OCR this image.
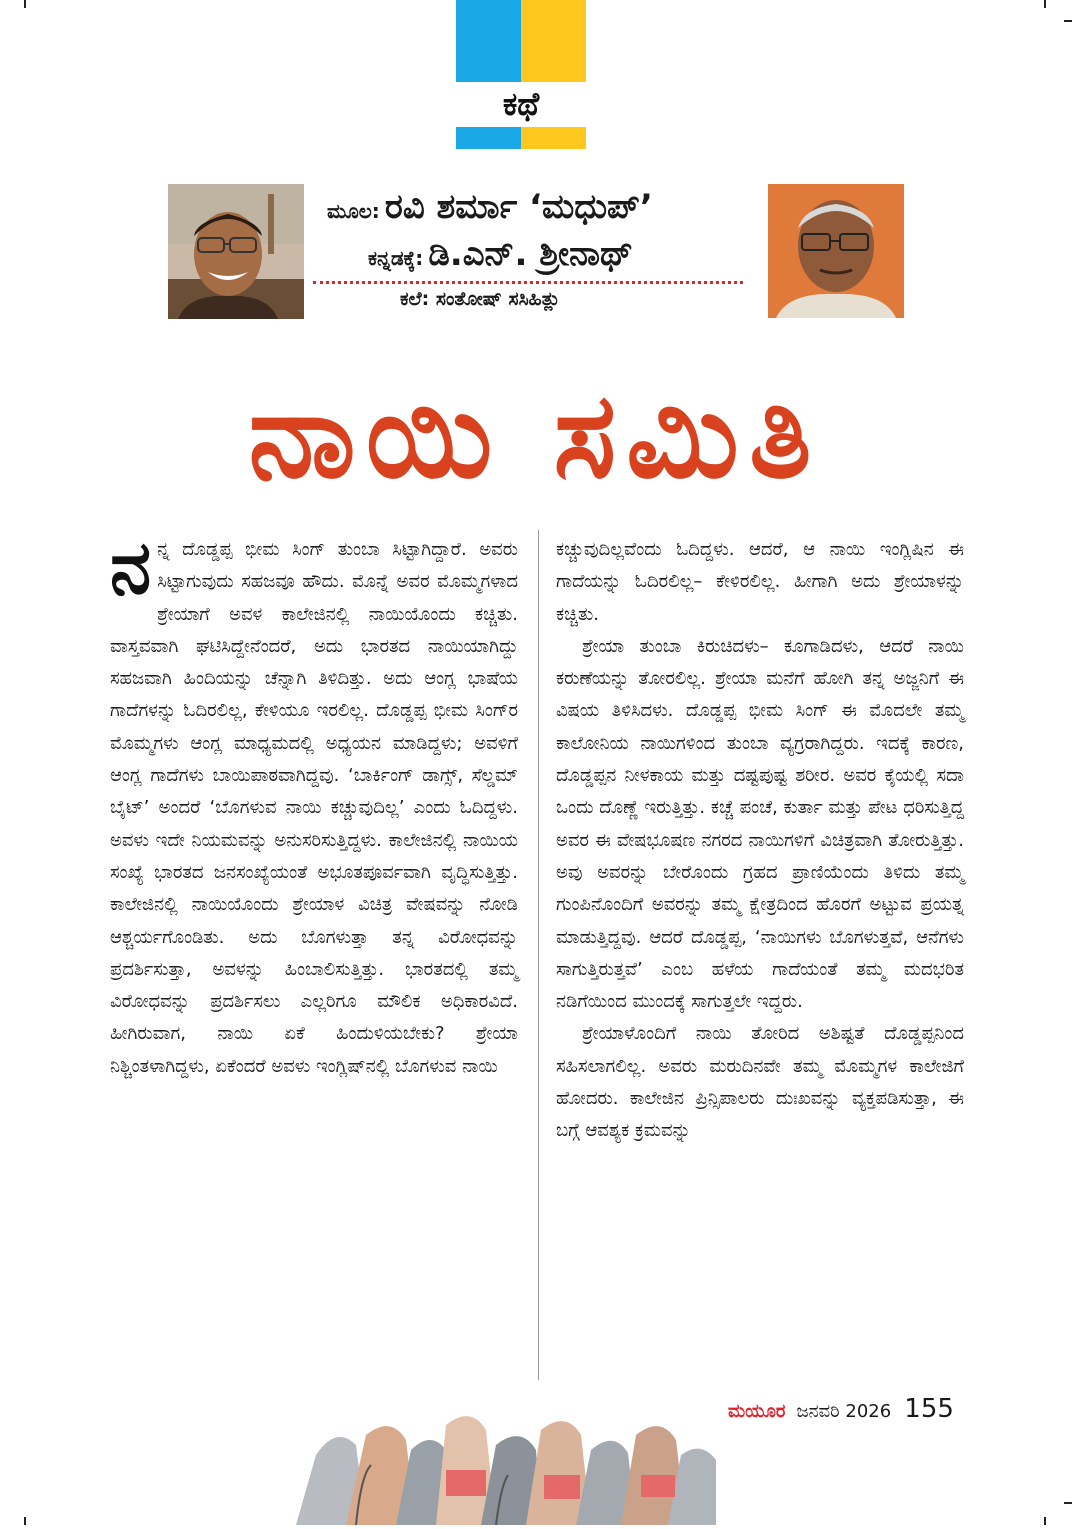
ಕಥೆ
ಮೂಲ: ರವಿ ಶರ್ಮಾ ‘ಮಧುಪ್’
ಕನ್ನಡಕ್ಕೆ: ಡಿ.ಎನ್. ಶ್ರೀನಾಥ್
ಕಲೆ: ಸಂತೋಷ್ ಸಸಿಹಿತ್ಲು
ನಾಯಿ ಸಮಿತಿ
ನ ನ್ನ ದೊಡ್ಡಪ್ಪ ಭೀಮ ಸಿಂಗ್ ತುಂಬಾ ಸಿಟ್ಟಾಗಿದ್ದಾರೆ. ಅವರು ಸಿಟ್ಟಾಗುವುದು ಸಹಜವೂ ಹೌದು. ಮೊನ್ನೆ ಅವರ ಮೊಮ್ಮಗಳಾದ ಶ್ರೇಯಾಗೆ ಅವಳ ಕಾಲೇಜಿನಲ್ಲಿ ನಾಯಿಯೊಂದು ಕಚ್ಚಿತು. ವಾಸ್ತವವಾಗಿ ಘಟಿಸಿದ್ದೇನೆಂದರೆ, ಅದು ಭಾರತದ ನಾಯಿಯಾಗಿದ್ದು ಸಹಜವಾಗಿ ಹಿಂದಿಯನ್ನು ಚೆನ್ನಾಗಿ ತಿಳಿದಿತ್ತು. ಅದು ಆಂಗ್ಲ ಭಾಷೆಯ ಗಾದೆಗಳನ್ನು ಓದಿರಲಿಲ್ಲ, ಕೇಳಿಯೂ ಇರಲಿಲ್ಲ. ದೊಡ್ಡಪ್ಪ ಭೀಮ ಸಿಂಗ್‌ರ ಮೊಮ್ಮಗಳು ಆಂಗ್ಲ ಮಾಧ್ಯಮದಲ್ಲಿ ಅಧ್ಯಯನ ಮಾಡಿದ್ದಳು; ಅವಳಿಗೆ ಆಂಗ್ಲ ಗಾದೆಗಳು ಬಾಯಿಪಾಠವಾಗಿದ್ದವು. ‘ಬಾರ್ಕಿಂಗ್ ಡಾಗ್ಸ್, ಸೆಲ್ಡಮ್ ಬೈಟ್’ ಅಂದರೆ ‘ಬೊಗಳುವ ನಾಯಿ ಕಚ್ಚುವುದಿಲ್ಲ’ ಎಂದು ಓದಿದ್ದಳು. ಅವಳು ಇದೇ ನಿಯಮವನ್ನು ಅನುಸರಿಸುತ್ತಿದ್ದಳು. ಕಾಲೇಜಿನಲ್ಲಿ ನಾಯಿಯ ಸಂಖ್ಯೆ ಭಾರತದ ಜನಸಂಖ್ಯೆಯಂತೆ ಅಭೂತಪೂರ್ವವಾಗಿ ವೃದ್ಧಿಸುತ್ತಿತ್ತು. ಕಾಲೇಜಿನಲ್ಲಿ ನಾಯಿಯೊಂದು ಶ್ರೇಯಾಳ ವಿಚಿತ್ರ ವೇಷವನ್ನು ನೋಡಿ ಆಶ್ಚರ್ಯಗೊಂಡಿತು. ಅದು ಬೊಗಳುತ್ತಾ ತನ್ನ ವಿರೋಧವನ್ನು ಪ್ರದರ್ಶಿಸುತ್ತಾ, ಅವಳನ್ನು ಹಿಂಬಾಲಿಸುತ್ತಿತ್ತು. ಭಾರತದಲ್ಲಿ ತಮ್ಮ ವಿರೋಧವನ್ನು ಪ್ರದರ್ಶಿಸಲು ಎಲ್ಲರಿಗೂ ಮೌಲಿಕ ಅಧಿಕಾರವಿದೆ. ಹೀಗಿರುವಾಗ, ನಾಯಿ ಏಕೆ ಹಿಂದುಳಿಯಬೇಕು? ಶ್ರೇಯಾ ನಿಶ್ಚಿಂತಳಾಗಿದ್ದಳು, ಏಕೆಂದರೆ ಅವಳು ಇಂಗ್ಲಿಷ್‌ನಲ್ಲಿ ಬೊಗಳುವ ನಾಯಿ

ಕಚ್ಚುವುದಿಲ್ಲವೆಂದು ಓದಿದ್ದಳು. ಆದರೆ, ಆ ನಾಯಿ ಇಂಗ್ಲಿಷಿನ ಈ ಗಾದೆಯನ್ನು ಓದಿರಲಿಲ್ಲ– ಕೇಳಿರಲಿಲ್ಲ. ಹೀಗಾಗಿ ಅದು ಶ್ರೇಯಾಳನ್ನು ಕಚ್ಚಿತು.

ಶ್ರೇಯಾ ತುಂಬಾ ಕಿರುಚಿದಳು– ಕೂಗಾಡಿದಳು, ಆದರೆ ನಾಯಿ ಕರುಣೆಯನ್ನು ತೋರಲಿಲ್ಲ. ಶ್ರೇಯಾ ಮನೆಗೆ ಹೋಗಿ ತನ್ನ ಅಜ್ಜನಿಗೆ ಈ ವಿಷಯ ತಿಳಿಸಿದಳು. ದೊಡ್ಡಪ್ಪ ಭೀಮ ಸಿಂಗ್ ಈ ಮೊದಲೇ ತಮ್ಮ ಕಾಲೋನಿಯ ನಾಯಿಗಳಿಂದ ತುಂಬಾ ವ್ಯಗ್ರರಾಗಿದ್ದರು. ಇದಕ್ಕೆ ಕಾರಣ, ದೊಡ್ಡಪ್ಪನ ನೀಳಕಾಯ ಮತ್ತು ದಷ್ಟಪುಷ್ಟ ಶರೀರ. ಅವರ ಕೈಯಲ್ಲಿ ಸದಾ ಒಂದು ದೊಣ್ಣೆ ಇರುತ್ತಿತ್ತು. ಕಚ್ಚೆ ಪಂಚೆ, ಕುರ್ತಾ ಮತ್ತು ಪೇಟ ಧರಿಸುತ್ತಿದ್ದ ಅವರ ಈ ವೇಷಭೂಷಣ ನಗರದ ನಾಯಿಗಳಿಗೆ ವಿಚಿತ್ರವಾಗಿ ತೋರುತ್ತಿತ್ತು. ಅವು ಅವರನ್ನು ಬೇರೊಂದು ಗ್ರಹದ ಪ್ರಾಣಿಯೆಂದು ತಿಳಿದು ತಮ್ಮ ಗುಂಪಿನೊಂದಿಗೆ ಅವರನ್ನು ತಮ್ಮ ಕ್ಷೇತ್ರದಿಂದ ಹೊರಗೆ ಅಟ್ಟುವ ಪ್ರಯತ್ನ ಮಾಡುತ್ತಿದ್ದವು. ಆದರೆ ದೊಡ್ಡಪ್ಪ, ‘ನಾಯಿಗಳು ಬೊಗಳುತ್ತವೆ, ಆನೆಗಳು ಸಾಗುತ್ತಿರುತ್ತವೆ’ ಎಂಬ ಹಳೆಯ ಗಾದೆಯಂತೆ ತಮ್ಮ ಮದಭರಿತ ನಡಿಗೆಯಿಂದ ಮುಂದಕ್ಕೆ ಸಾಗುತ್ತಲೇ ಇದ್ದರು.

ಶ್ರೇಯಾಳೊಂದಿಗೆ ನಾಯಿ ತೋರಿದ ಅಶಿಷ್ಟತೆ ದೊಡ್ಡಪ್ಪನಿಂದ ಸಹಿಸಲಾಗಲಿಲ್ಲ. ಅವರು ಮರುದಿನವೇ ತಮ್ಮ ಮೊಮ್ಮಗಳ ಕಾಲೇಜಿಗೆ ಹೋದರು. ಕಾಲೇಜಿನ ಪ್ರಿನ್ಸಿಪಾಲರು ದುಃಖವನ್ನು ವ್ಯಕ್ತಪಡಿಸುತ್ತಾ, ಈ ಬಗ್ಗೆ ಆವಶ್ಯಕ ಕ್ರಮವನ್ನು

ಮಯೂರ ಜನವರಿ 2026 155
